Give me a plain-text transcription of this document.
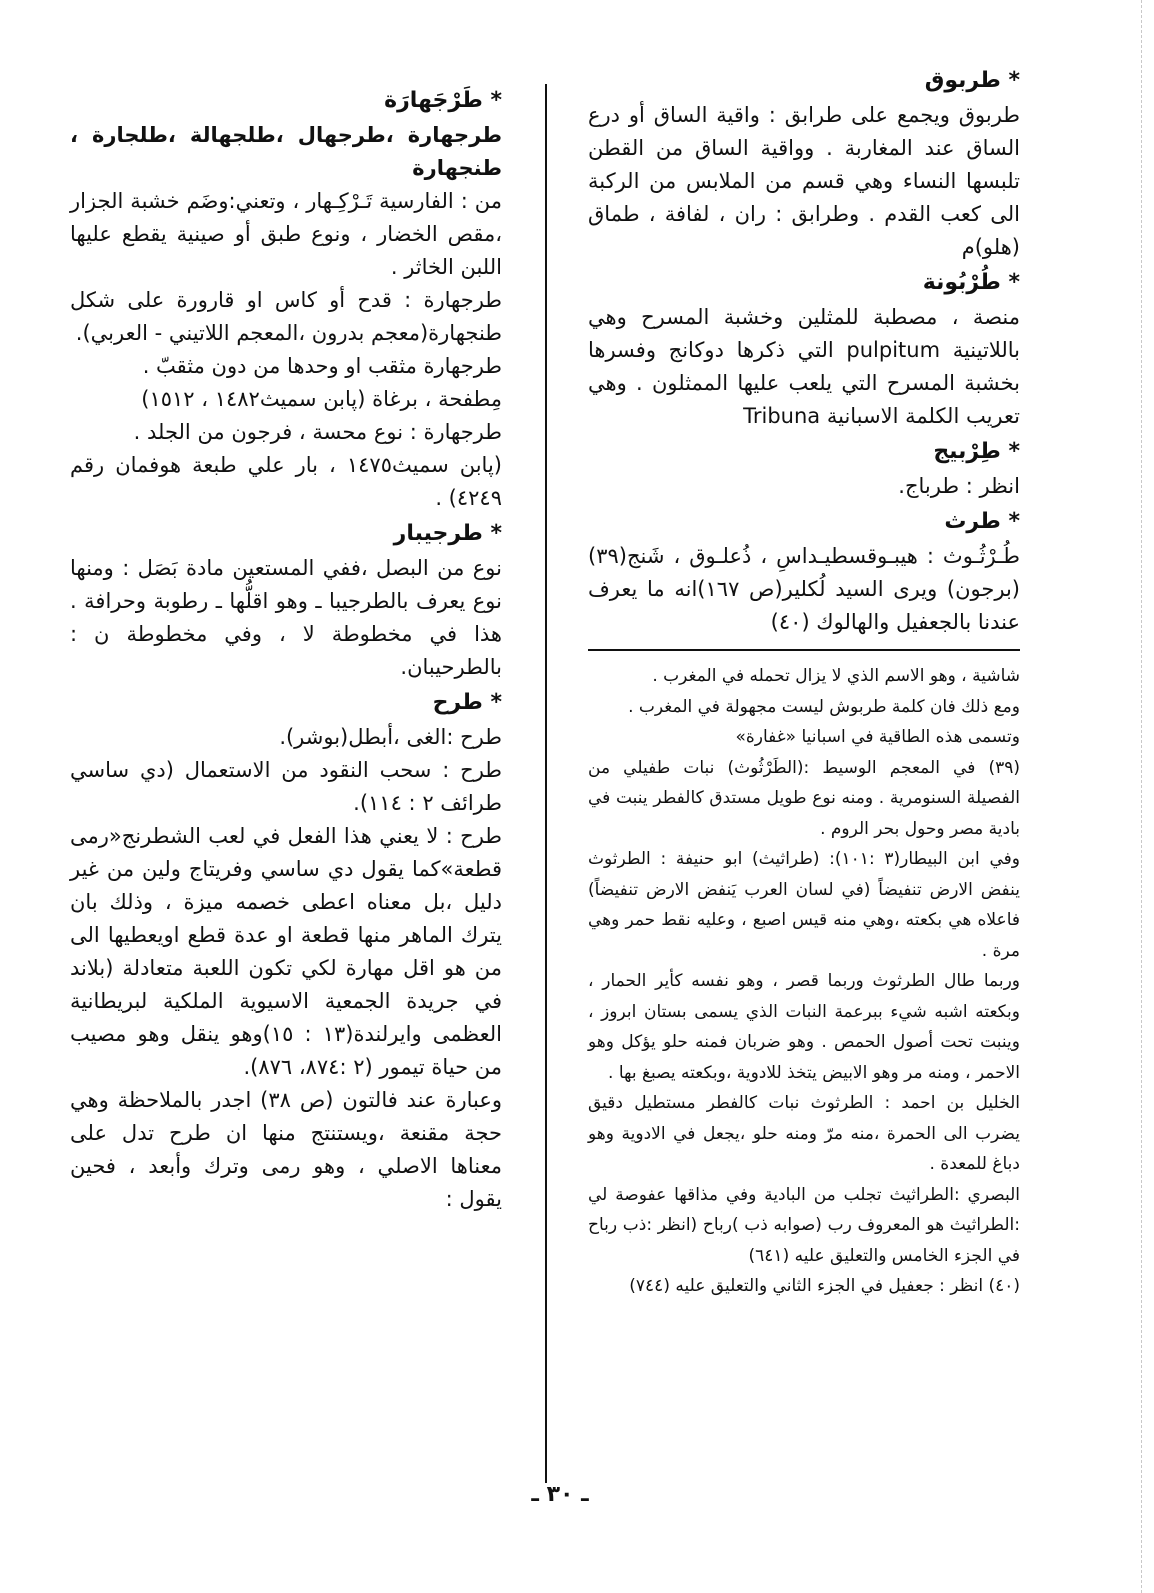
* طربوق

طربوق ويجمع على طرابق : واقية الساق أو درع الساق عند المغاربة . وواقية الساق من القطن تلبسها النساء وهي قسم من الملابس من الركبة الى كعب القدم . وطرابق : ران ، لفافة ، طماق (هلو)م

* طُرْبُونة

منصة ، مصطبة للمثلين وخشبة المسرح وهي باللاتينية pulpitum التي ذكرها دوكانج وفسرها بخشبة المسرح التي يلعب عليها الممثلون . وهي تعريب الكلمة الاسبانية Tribuna

* طِرْبيج

انظر : طرباج.

* طرث

طُـرْثُـوث : هيبـوقسطيـداسِ ، ذُعلـوق ، شَنج(٣٩) (برجون) ويرى السيد لُكلير(ص ١٦٧)انه ما يعرف عندنا بالجعفيل والهالوك (٤٠)

شاشية ، وهو الاسم الذي لا يزال تحمله في المغرب .

ومع ذلك فان كلمة طربوش ليست مجهولة في المغرب .

وتسمى هذه الطاقية في اسبانيا «غفارة»

(٣٩) في المعجم الوسيط :(الطَرْثُوث) نبات طفيلي من الفصيلة السنومرية . ومنه نوع طويل مستدق كالفطر ينبت في بادية مصر وحول بحر الروم .

وفي ابن البيطار(٣ :١٠١): (طراثيث) ابو حنيفة : الطرثوث ينفض الارض تنفيضاً (في لسان العرب يَنفض الارض تنفيضاً) فاعلاه هي بكعته ،وهي منه قيس اصبع ، وعليه نقط حمر وهي مرة .

وربما طال الطرثوث وربما قصر ، وهو نفسه كأير الحمار ، وبكعته اشبه شيء ببرعمة النبات الذي يسمى بستان ابروز ، وينبت تحت أصول الحمص . وهو ضربان فمنه حلو يؤكل وهو الاحمر ، ومنه مر وهو الابيض يتخذ للادوية ،وبكعته يصبغ بها .

الخليل بن احمد : الطرثوث نبات كالفطر مستطيل دقيق يضرب الى الحمرة ،منه مرّ ومنه حلو ،يجعل في الادوية وهو دباغ للمعدة .

البصري :الطراثيث تجلب من البادية وفي مذاقها عفوصة لي :الطراثيث هو المعروف رب (صوابه ذب )رباح (انظر :ذب رباح في الجزء الخامس والتعليق عليه (٦٤١)

(٤٠) انظر : جعفيل في الجزء الثاني والتعليق عليه (٧٤٤)

* طَرْجَهارَة

طرجهارة ،طرجهال ،طلجهالة ،طلجارة ، طنجهارة

من : الفارسية تَـرْكِـهار ، وتعني:وضَم خشبة الجزار ،مقص الخضار ، ونوع طبق أو صينية يقطع عليها اللبن الخاثر .

طرجهارة : قدح أو كاس او قارورة على شكل طنجهارة(معجم بدرون ،المعجم اللاتيني - العربي).

طرجهارة مثقب او وحدها من دون مثقبّ .

مِطفحة ، برغاة (پابن سميث١٤٨٢ ، ١٥١٢)

طرجهارة : نوع محسة ، فرجون من الجلد .

(پابن سميث١٤٧٥ ، بار علي طبعة هوفمان رقم ٤٢٤٩) .

* طرجيبار

نوع من البصل ،ففي المستعين مادة بَصَل : ومنها نوع يعرف بالطرجيبا ـ وهو اقلُّها ـ رطوبة وحرافة . هذا في مخطوطة لا ، وفي مخطوطة ن : بالطرحيبان.

* طرح

طرح :الغى ،أبطل(بوشر).

طرح : سحب النقود من الاستعمال (دي ساسي طرائف ٢ : ١١٤).

طرح : لا يعني هذا الفعل في لعب الشطرنج«رمى قطعة»كما يقول دي ساسي وفريتاج ولين من غير دليل ،بل معناه اعطى خصمه ميزة ، وذلك بان يترك الماهر منها قطعة او عدة قطع اويعطيها الى من هو اقل مهارة لكي تكون اللعبة متعادلة (بلاند في جريدة الجمعية الاسيوية الملكية لبريطانية العظمى وايرلندة(١٣ : ١٥)وهو ينقل وهو مصيب من حياة تيمور (٢ :٨٧٤، ٨٧٦).

وعبارة عند فالتون (ص ٣٨) اجدر بالملاحظة وهي حجة مقنعة ،ويستنتج منها ان طرح تدل على معناها الاصلي ، وهو رمى وترك وأبعد ، فحين يقول :

ـ ٣٠ ـ
